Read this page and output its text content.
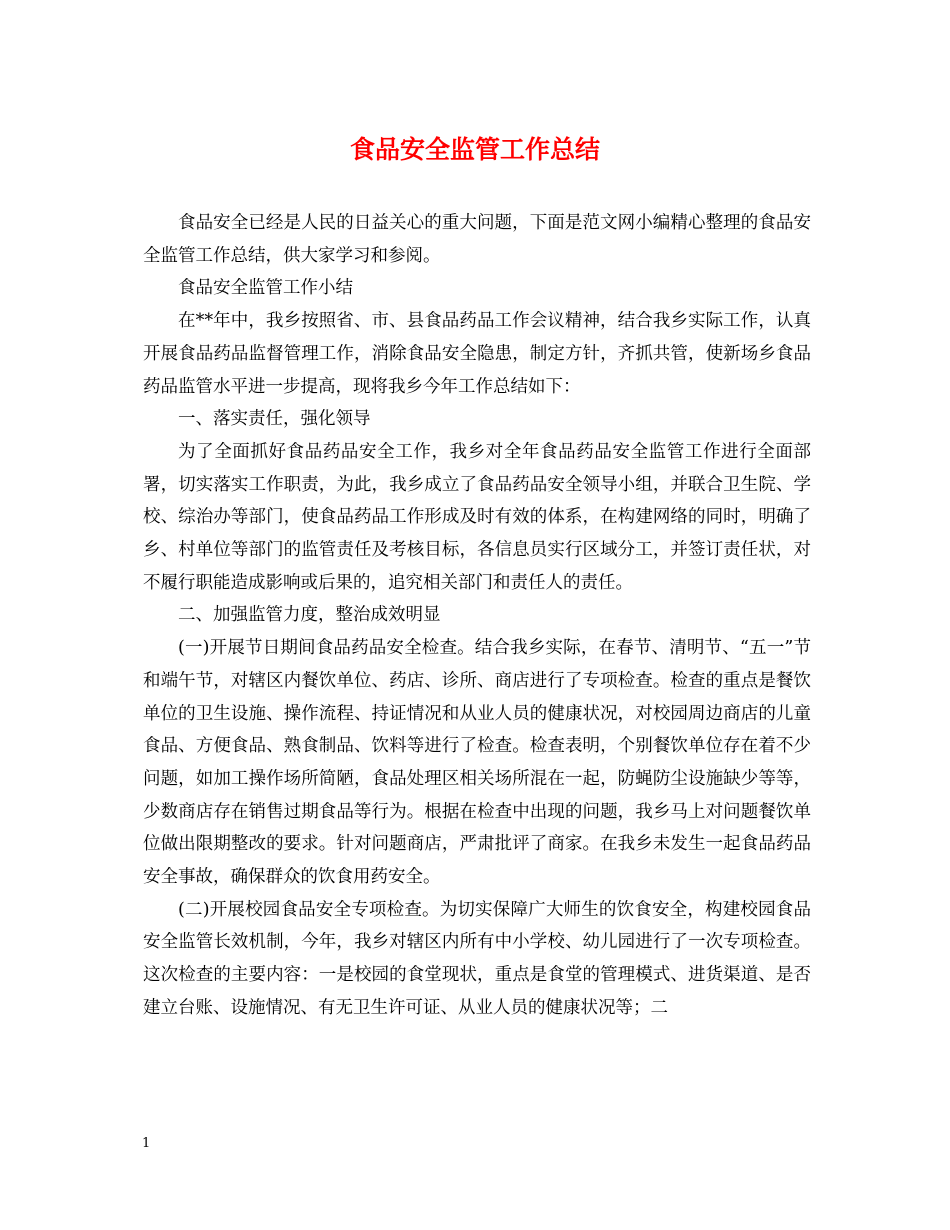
食品安全监管工作总结

食品安全已经是人民的日益关心的重大问题，下面是范文网小编精心整理的食品安全监管工作总结，供大家学习和参阅。

食品安全监管工作小结

在**年中，我乡按照省、市、县食品药品工作会议精神，结合我乡实际工作，认真开展食品药品监督管理工作，消除食品安全隐患，制定方针，齐抓共管，使新场乡食品药品监管水平进一步提高，现将我乡今年工作总结如下：

一、落实责任，强化领导

为了全面抓好食品药品安全工作，我乡对全年食品药品安全监管工作进行全面部署，切实落实工作职责，为此，我乡成立了食品药品安全领导小组，并联合卫生院、学校、综治办等部门，使食品药品工作形成及时有效的体系，在构建网络的同时，明确了乡、村单位等部门的监管责任及考核目标，各信息员实行区域分工，并签订责任状，对不履行职能造成影响或后果的，追究相关部门和责任人的责任。

二、加强监管力度，整治成效明显

(一)开展节日期间食品药品安全检查。结合我乡实际，在春节、清明节、“五一”节和端午节，对辖区内餐饮单位、药店、诊所、商店进行了专项检查。检查的重点是餐饮单位的卫生设施、操作流程、持证情况和从业人员的健康状况，对校园周边商店的儿童食品、方便食品、熟食制品、饮料等进行了检查。检查表明，个别餐饮单位存在着不少问题，如加工操作场所简陋，食品处理区相关场所混在一起，防蝇防尘设施缺少等等，少数商店存在销售过期食品等行为。根据在检查中出现的问题，我乡马上对问题餐饮单位做出限期整改的要求。针对问题商店，严肃批评了商家。在我乡未发生一起食品药品安全事故，确保群众的饮食用药安全。

(二)开展校园食品安全专项检查。为切实保障广大师生的饮食安全，构建校园食品安全监管长效机制，今年，我乡对辖区内所有中小学校、幼儿园进行了一次专项检查。这次检查的主要内容：一是校园的食堂现状，重点是食堂的管理模式、进货渠道、是否建立台账、设施情况、有无卫生许可证、从业人员的健康状况等；二

1
